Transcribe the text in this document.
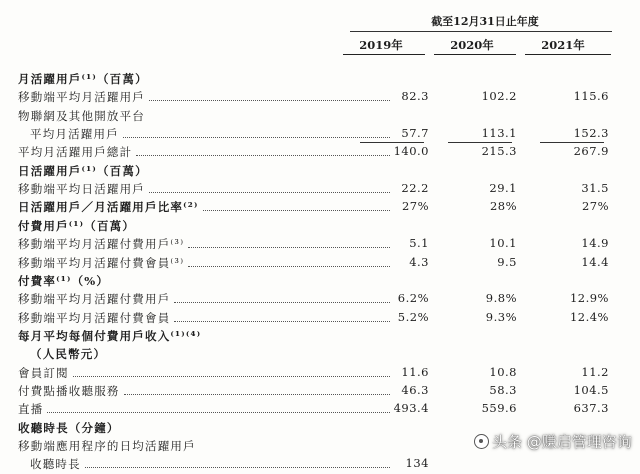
截至12月31日止年度
2019年	2020年	2021年
月活躍用戶⁽¹⁾（百萬）
移動端平均月活躍用戶	82.3	102.2	115.6
物聯網及其他開放平台
平均月活躍用戶	57.7	113.1	152.3
平均月活躍用戶總計	140.0	215.3	267.9
日活躍用戶⁽¹⁾（百萬）
移動端平均日活躍用戶	22.2	29.1	31.5
日活躍用戶／月活躍用戶比率⁽²⁾	27%	28%	27%
付費用戶⁽¹⁾（百萬）
移動端平均月活躍付費用戶⁽³⁾	5.1	10.1	14.9
移動端平均月活躍付費會員⁽³⁾	4.3	9.5	14.4
付費率⁽¹⁾（%）
移動端平均月活躍付費用戶	6.2%	9.8%	12.9%
移動端平均月活躍付費會員	5.2%	9.3%	12.4%
每月平均每個付費用戶收入⁽¹⁾⁽⁴⁾
（人民幣元）
會員訂閱	11.6	10.8	11.2
付費點播收聽服務	46.3	58.3	104.5
直播	493.4	559.6	637.3
收聽時長（分鐘）
移動端應用程序的日均活躍用戶
收聽時長	134
头条 @赚启管理咨询
